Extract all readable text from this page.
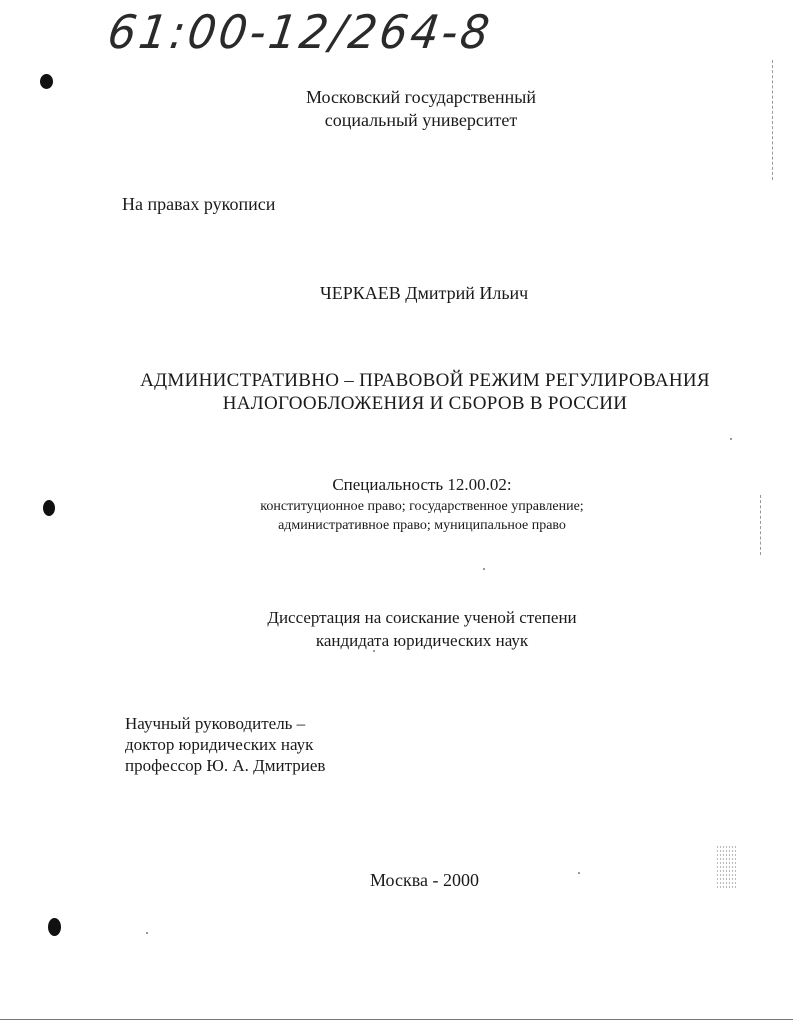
61:00-12/264-8
Московский государственный
социальный университет
На правах рукописи
ЧЕРКАЕВ Дмитрий Ильич
АДМИНИСТРАТИВНО – ПРАВОВОЙ РЕЖИМ РЕГУЛИРОВАНИЯ
НАЛОГООБЛОЖЕНИЯ И СБОРОВ В РОССИИ
Специальность 12.00.02:
конституционное право; государственное управление;
административное право; муниципальное право
Диссертация на соискание ученой степени
кандидата юридических наук
Научный руководитель –
доктор юридических наук
профессор Ю. А. Дмитриев
Москва - 2000
